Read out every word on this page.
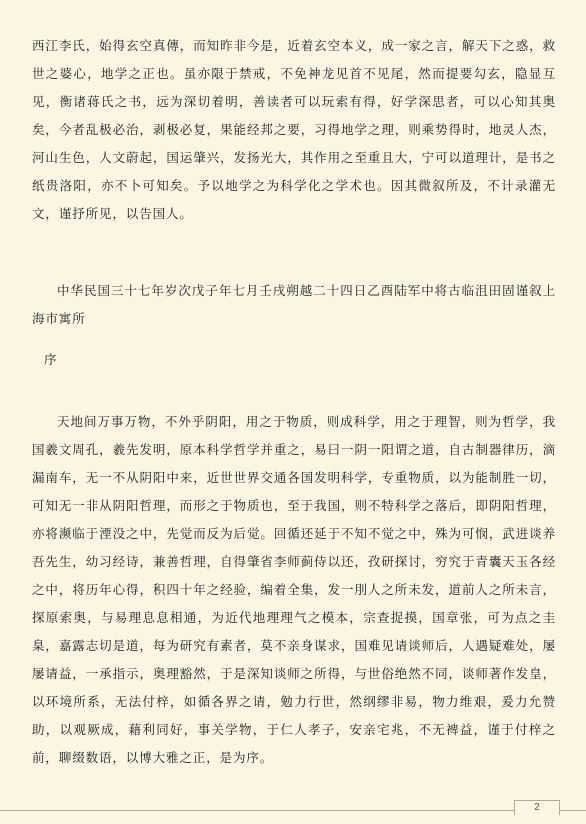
西江李氏，始得玄空真傳，而知昨非今是，近着玄空本义，成一家之言，解天下之惑，救世之婆心，地学之正也。虽亦限于禁戒，不免神龙见首不见尾，然而提要勾玄，隐显互见，衡诸蒋氏之书，远为深切着明，善读者可以玩索有得，好学深思者，可以心知其奥矣，今者乱极必治，剥极必复，果能经邦之要，习得地学之理，则乘势得时，地灵人杰，河山生色，人文蔚起，国运肇兴，发扬光大，其作用之至重且大，宁可以道理计，是书之纸贵洛阳，亦不卜可知矣。予以地学之为科学化之学术也。因其微叙所及，不计录灌无文，谨抒所见，以告国人。
中华民国三十七年岁次戊子年七月壬戌朔越二十四日乙酉陆军中将古临沮田固谨叙上海市寓所
序
天地间万事万物，不外乎阴阳，用之于物质，则成科学，用之于理智，则为哲学，我国羲文周孔，羲先发明，原本科学哲学并重之，易曰一阴一阳谓之道，自古制器律历，滴漏南车，无一不从阴阳中来，近世世界交通各国发明科学，专重物质，以为能制胜一切，可知无一非从阴阳哲理，而形之于物质也，至于我国，则不特科学之落后，即阴阳哲理，亦将濒临于湮没之中，先觉而反为后觉。回循还延于不知不觉之中，殊为可悯，武进谈养吾先生，幼习经诗，兼善哲理，自得肇省李师蓟侍以还，孜研探讨，穷究于青囊天玉各经之中，将历年心得，积四十年之经验，编着全集，发一刖人之所未发，道前人之所未言，探原索奥，与易理息息相通，为近代地理理气之模本，宗查捉摸，国章张，可为点之圭臬，嘉露志切是道，每为研究有素者，莫不亲身谋求，国难见请谈师后，人遇疑难处，屡屡请益，一承指示，奥理豁然，于是深知谈师之所得，与世俗绝然不同，谈师著作发皇，以环境所系，无法付梓，如循各界之请，勉力行世，然纲缪非易，物力维艰，爰力允赞助，以观厥成，藉利同好，事关学物，于仁人孝子，安亲宅兆，不无裨益，谨于付梓之前，聊缀数语，以博大雅之正，是为序。
2
